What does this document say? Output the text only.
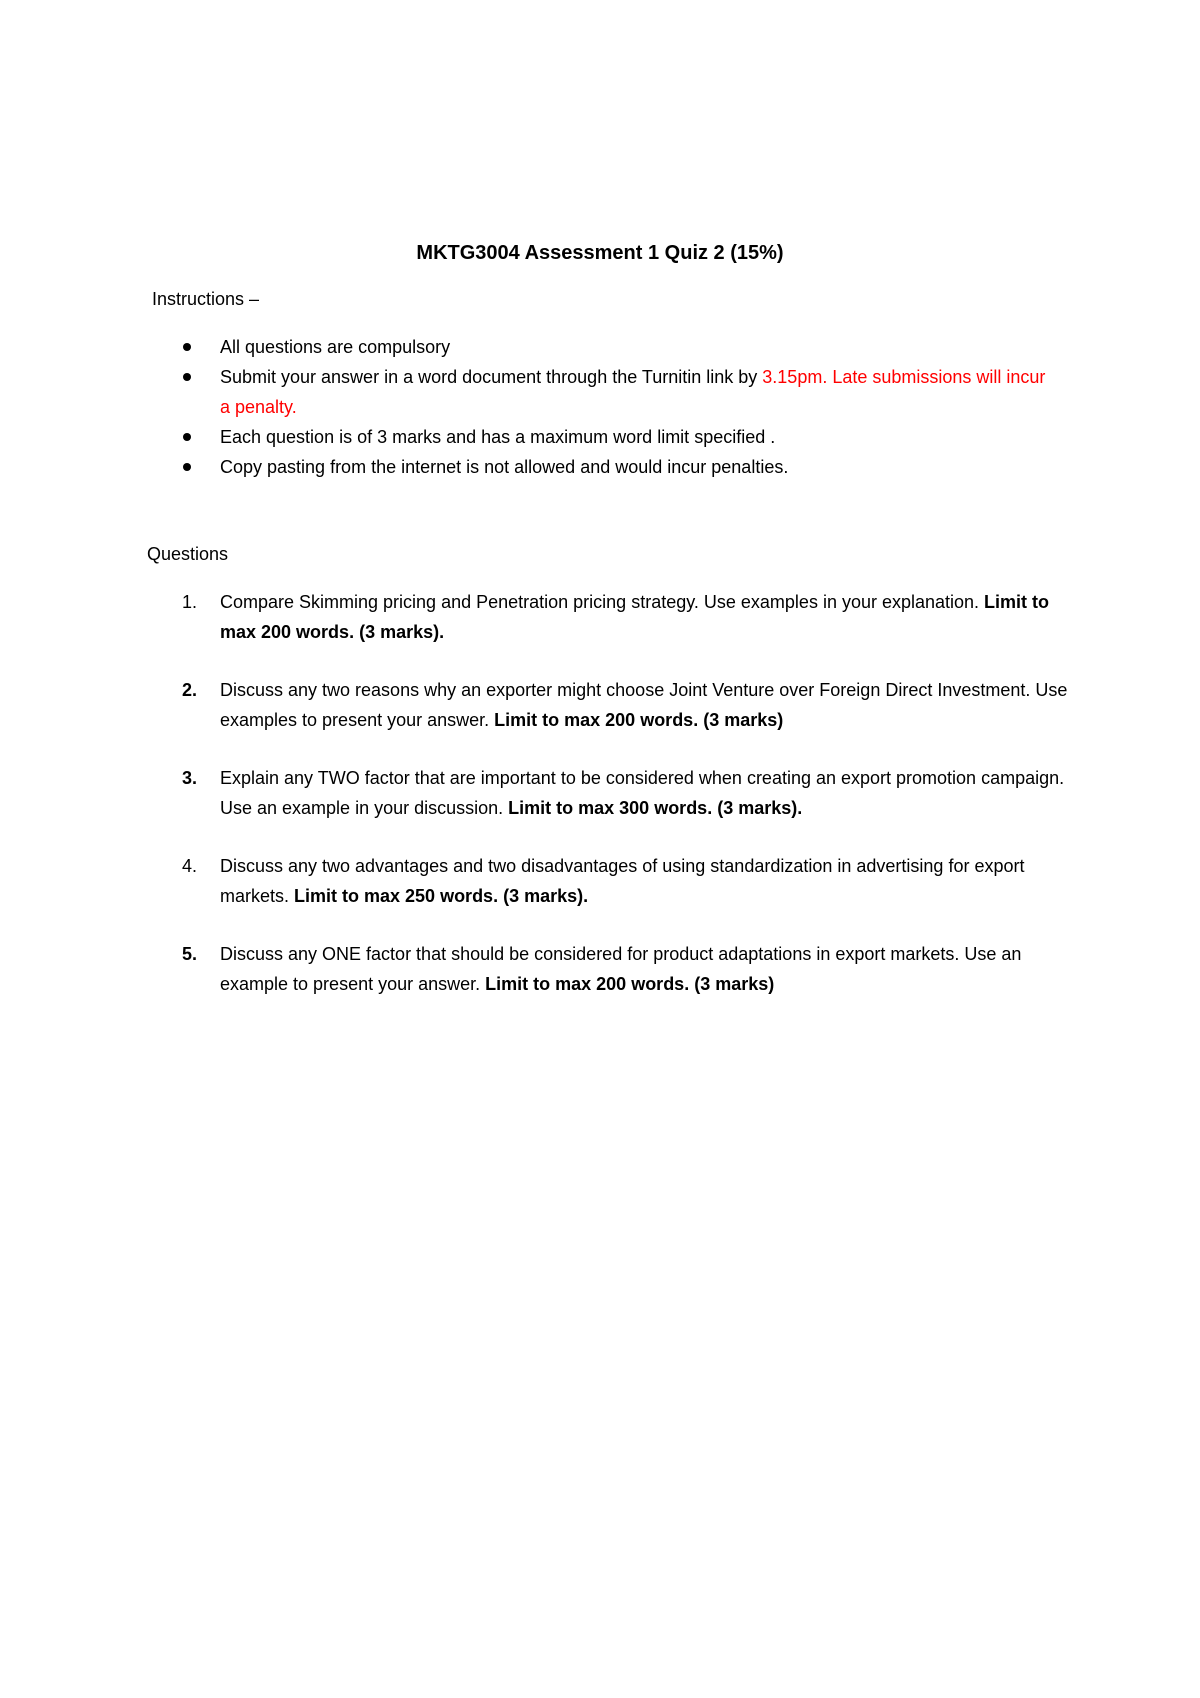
MKTG3004 Assessment 1 Quiz 2 (15%)
Instructions –
All questions are compulsory
Submit your answer in a word document through the Turnitin link by 3.15pm. Late submissions will incur a penalty.
Each question is of 3 marks and has a maximum word limit specified .
Copy pasting from the internet is not allowed and would incur penalties.
Questions
1. Compare Skimming pricing and Penetration pricing strategy. Use examples in your explanation. Limit to max 200 words. (3 marks).
2. Discuss any two reasons why an exporter might choose Joint Venture over Foreign Direct Investment. Use examples to present your answer. Limit to max 200 words. (3 marks)
3. Explain any TWO factor that are important to be considered when creating an export promotion campaign. Use an example in your discussion. Limit to max 300 words. (3 marks).
4. Discuss any two advantages and two disadvantages of using standardization in advertising for export markets. Limit to max 250 words. (3 marks).
5. Discuss any ONE factor that should be considered for product adaptations in export markets. Use an example to present your answer. Limit to max 200 words. (3 marks)
